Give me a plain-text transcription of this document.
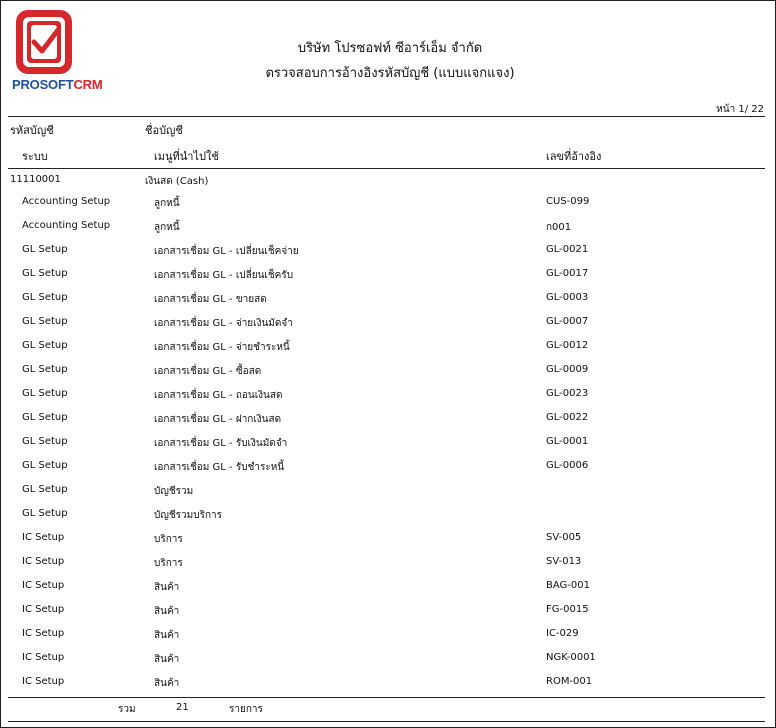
PROSOFTCRM
บริษัท โปรซอฟท์ ซีอาร์เอ็ม จำกัด
ตรวจสอบการอ้างอิงรหัสบัญชี (แบบแจกแจง)
หน้า 1/ 22
รหัสบัญชี	ชื่อบัญชี
ระบบ	เมนูที่นำไปใช้	เลขที่อ้างอิง
11110001	เงินสด (Cash)
Accounting Setup	ลูกหนี้	CUS-099
Accounting Setup	ลูกหนี้	ก001
GL Setup	เอกสารเชื่อม GL - เปลี่ยนเช็คจ่าย	GL-0021
GL Setup	เอกสารเชื่อม GL - เปลี่ยนเช็ครับ	GL-0017
GL Setup	เอกสารเชื่อม GL - ขายสด	GL-0003
GL Setup	เอกสารเชื่อม GL - จ่ายเงินมัดจำ	GL-0007
GL Setup	เอกสารเชื่อม GL - จ่ายชำระหนี้	GL-0012
GL Setup	เอกสารเชื่อม GL - ซื้อสด	GL-0009
GL Setup	เอกสารเชื่อม GL - ถอนเงินสด	GL-0023
GL Setup	เอกสารเชื่อม GL - ฝากเงินสด	GL-0022
GL Setup	เอกสารเชื่อม GL - รับเงินมัดจำ	GL-0001
GL Setup	เอกสารเชื่อม GL - รับชำระหนี้	GL-0006
GL Setup	บัญชีรวม
GL Setup	บัญชีรวมบริการ
IC Setup	บริการ	SV-005
IC Setup	บริการ	SV-013
IC Setup	สินค้า	BAG-001
IC Setup	สินค้า	FG-0015
IC Setup	สินค้า	IC-029
IC Setup	สินค้า	NGK-0001
IC Setup	สินค้า	ROM-001
รวม	21	รายการ
